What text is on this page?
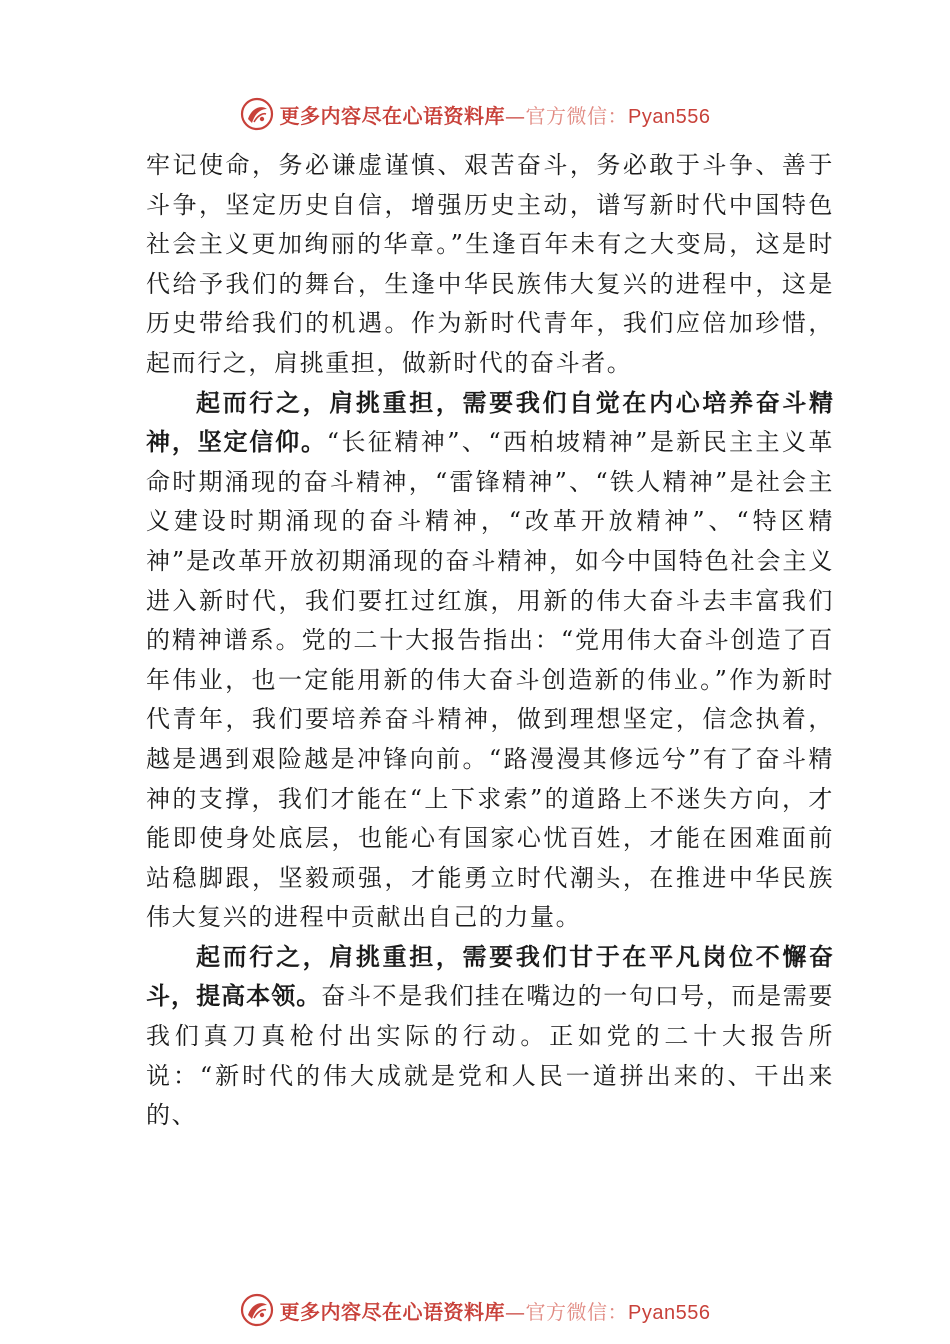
更多内容尽在心语资料库—官方微信：Pyan556

牢记使命，务必谦虚谨慎、艰苦奋斗，务必敢于斗争、善于斗争，坚定历史自信，增强历史主动，谱写新时代中国特色社会主义更加绚丽的华章。”生逢百年未有之大变局，这是时代给予我们的舞台，生逢中华民族伟大复兴的进程中，这是历史带给我们的机遇。作为新时代青年，我们应倍加珍惜， 起而行之，肩挑重担，做新时代的奋斗者。

起而行之，肩挑重担，需要我们自觉在内心培养奋斗精神，坚定信仰。“长征精神”、“西柏坡精神”是新民主主义革命时期涌现的奋斗精神，“雷锋精神”、“铁人精神”是社会主义建设时期涌现的奋斗精神，“改革开放精神”、“特区精神”是改革开放初期涌现的奋斗精神，如今中国特色社会主义进入新时代，我们要扛过红旗，用新的伟大奋斗去丰富我们的精神谱系。党的二十大报告指出：“党用伟大奋斗创造了百年伟业，也一定能用新的伟大奋斗创造新的伟业。”作为新时代青年，我们要培养奋斗精神，做到理想坚定，信念执着，越是遇到艰险越是冲锋向前。“路漫漫其修远兮”有了奋斗精神的支撑，我们才能在“上下求索”的道路上不迷失方向，才能即使身处底层，也能心有国家心忧百姓，才能在困难面前站稳脚跟，坚毅顽强，才能勇立时代潮头，在推进中华民族伟大复兴的进程中贡献出自己的力量。

起而行之，肩挑重担，需要我们甘于在平凡岗位不懈奋斗，提高本领。奋斗不是我们挂在嘴边的一句口号，而是需要我们真刀真枪付出实际的行动。正如党的二十大报告所说：“新时代的伟大成就是党和人民一道拼出来的、干出来的、

更多内容尽在心语资料库—官方微信：Pyan556
